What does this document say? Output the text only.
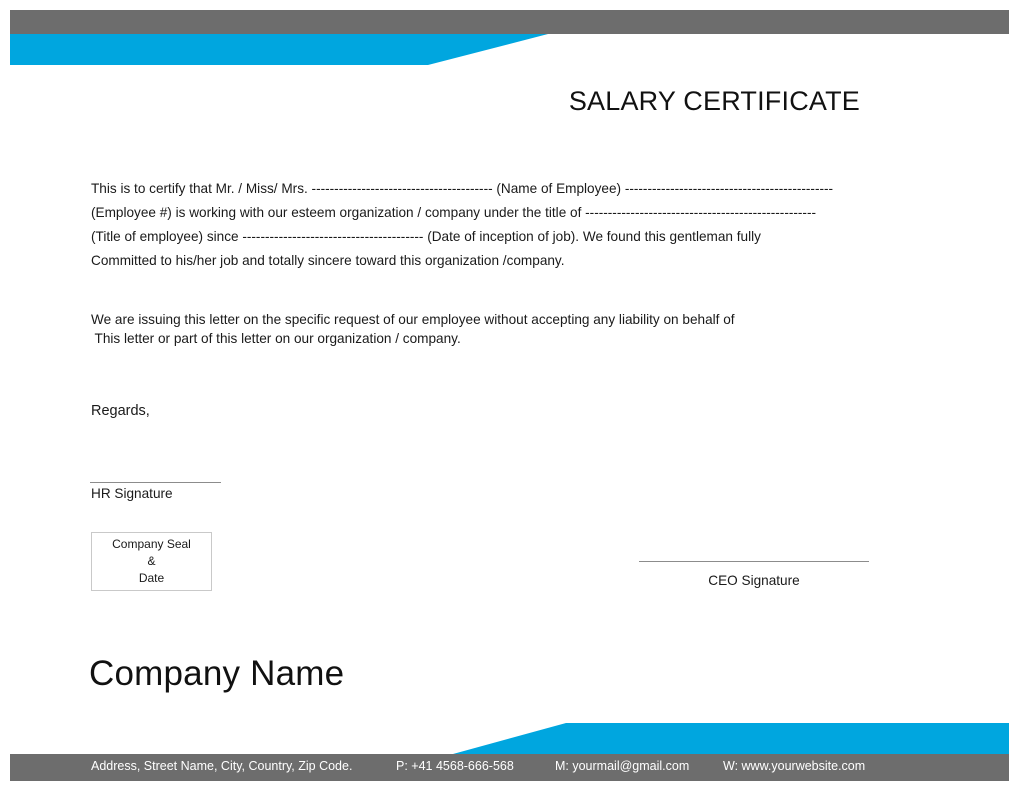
SALARY CERTIFICATE

This is to certify that Mr. / Miss/ Mrs. ---------------------------------------- (Name of Employee) ----------------------------------------------
(Employee #) is working with our esteem organization / company under the title of ---------------------------------------------------
(Title of employee) since ---------------------------------------- (Date of inception of job). We found this gentleman fully
Committed to his/her job and totally sincere toward this organization /company.

We are issuing this letter on the specific request of our employee without accepting any liability on behalf of
This letter or part of this letter on our organization / company.

Regards,
HR Signature
Company Seal
&
Date	CEO Signature
Company Name
Address, Street Name, City, Country, Zip Code.	P: +41 4568-666-568	M: yourmail@gmail.com	W: www.yourwebsite.com
